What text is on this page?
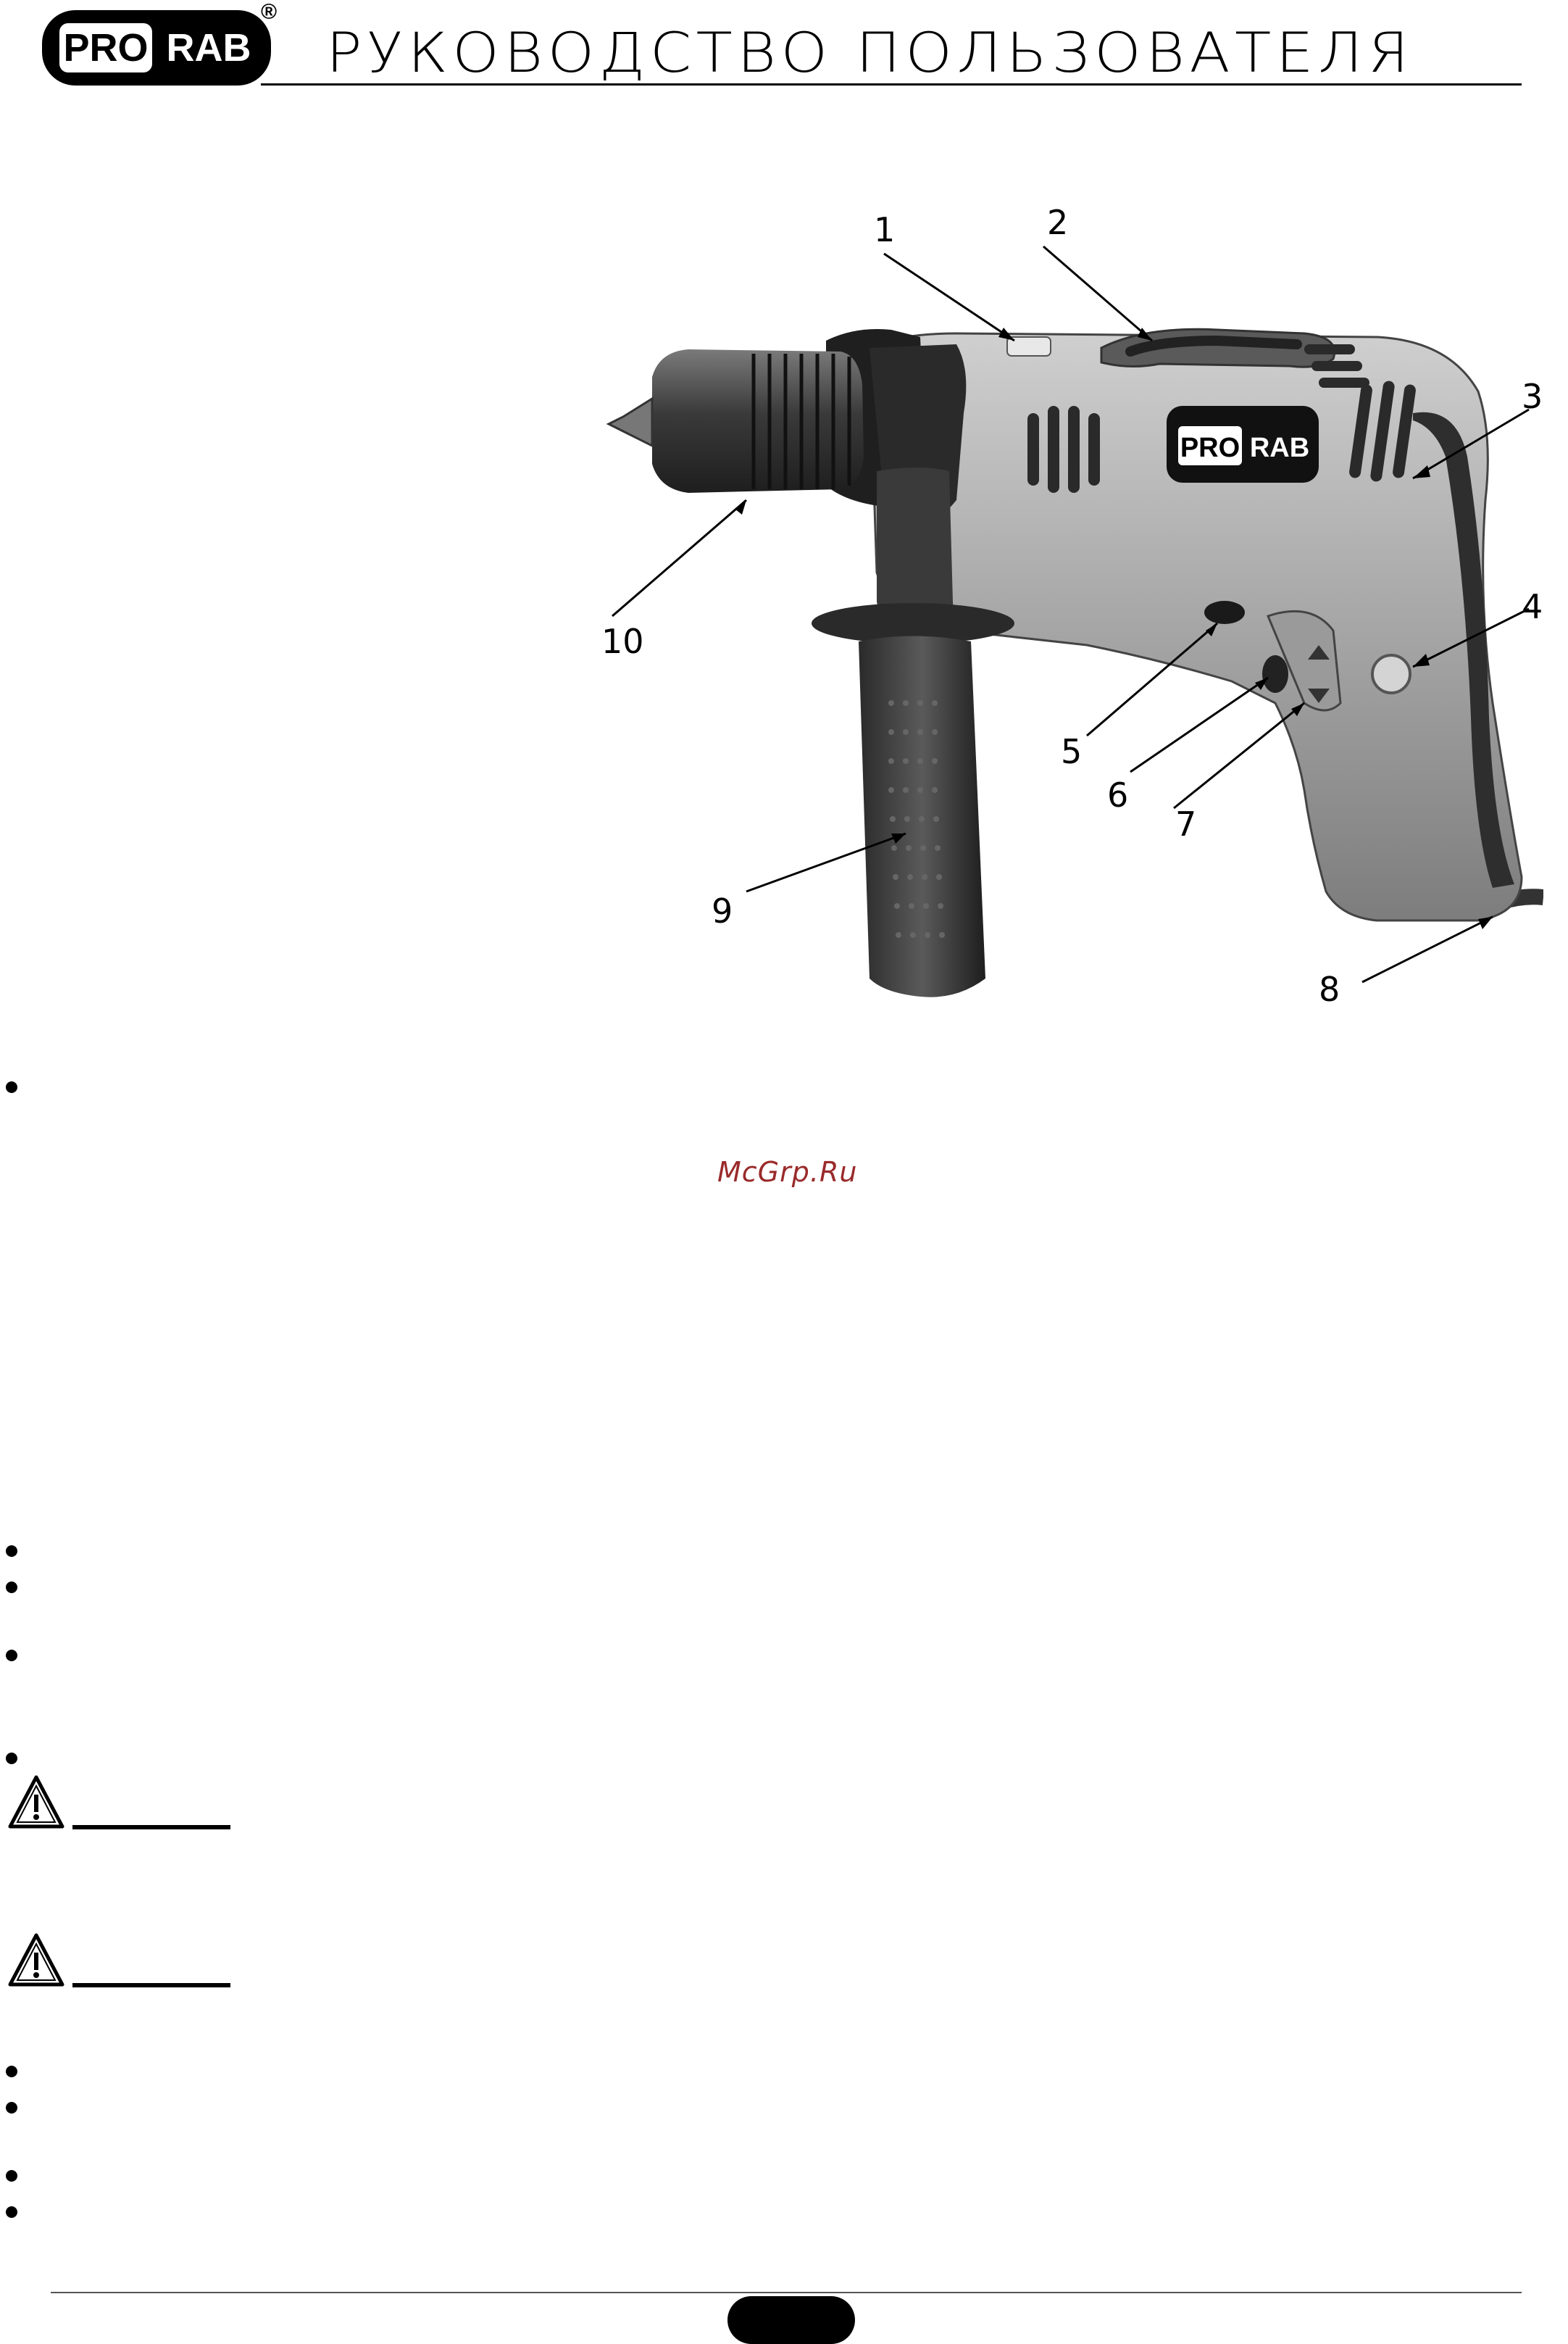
PRO RAB
®
РУКОВОДСТВО ПОЛЬЗОВАТЕЛЯ
PRO RAB
1	2
3
4
5
6
7
8
9
10
McGrp.Ru
